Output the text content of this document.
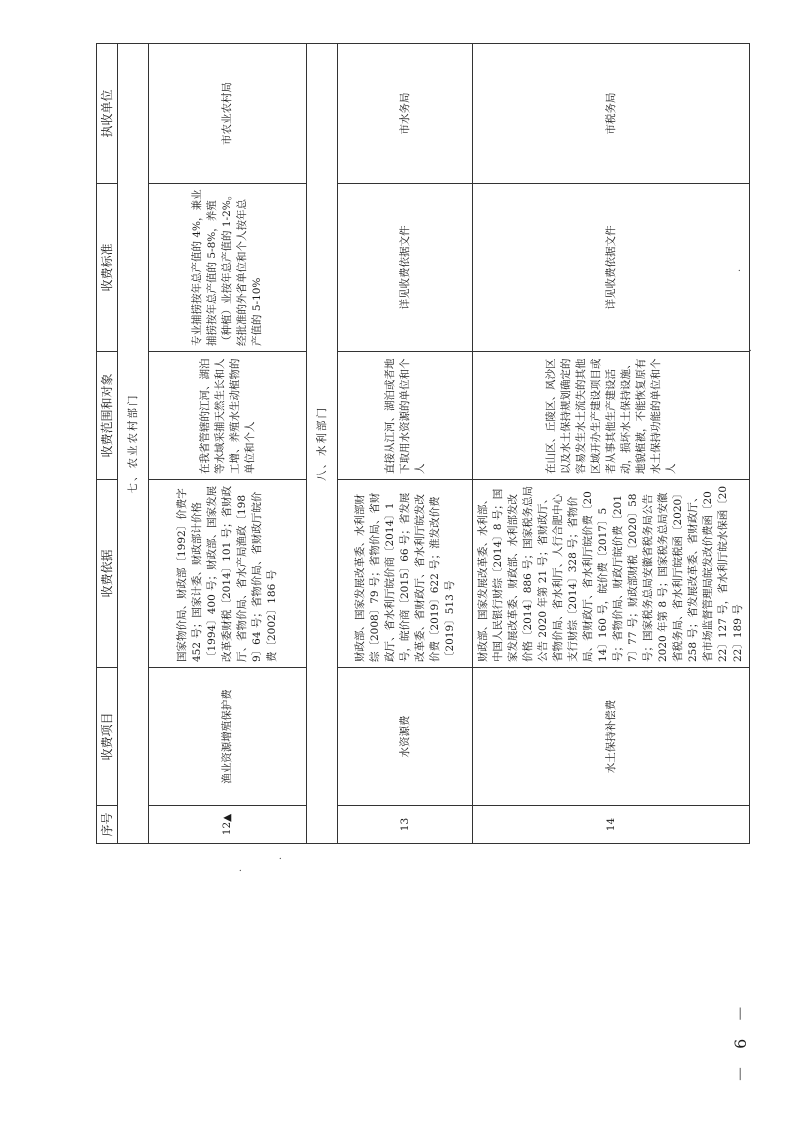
－ 6 －
序号	收费项目	收费依据	收费范围和对象	收费标准	执收单位
七、农业农村部门					
12▲	渔业资源增殖保护费	国家物价局、财政部〔1992〕价费字 452 号；国家计委、财政部计价格〔1994〕400 号；财政部、国家发展改革委财税〔2014〕101 号；省财政厅、省物价局、省水产局渔政〔1989〕64 号；省物价局、省财政厅皖价费〔2002〕186 号	在我省管辖的江河、湖泊等水域采捕天然生长和人工增、养殖水生动植物的单位和个人	专业捕捞按年总产值的 4%，兼业捕捞按年总产值的 5-8%，养殖（种植）业按年总产值的 1-2%。经批准的外省单位和个人按年总产值的 5-10%	市农业农村局
八、水利部门					
13	水资源费	财政部、国家发展改革委、水利部财综〔2008〕79 号；省物价局、省财政厅、省水利厅皖价商〔2014〕1 号，皖价商〔2015〕66 号；省发展改革委、省财政厅、省水利厅皖发改价费〔2019〕622 号；淮发改价费〔2019〕513 号	直接从江河、湖泊或者地下取用水资源的单位和个人	详见收费依据文件	市水务局
14	水土保持补偿费	财政部、国家发展改革委、水利部、中国人民银行财综〔2014〕8 号；国家发展改革委、财政部、水利部发改价格〔2014〕886 号；国家税务总局公告 2020 年第 21 号；省财政厅、省物价局、省水利厅、人行合肥中心支行财综〔2014〕328 号；省物价局、省财政厅、省水利厅皖价费〔2014〕160 号，皖价费〔2017〕5 号；省物价局、财政厅皖价费〔2017〕77 号；财政部财税〔2020〕58 号；国家税务总局安徽省税务局公告 2020 年第 8 号；国家税务总局安徽省税务局、省水利厅皖税函〔2020〕258 号；省发展改革委、省财政厅、省市场监督管理局皖发改价费函〔2022〕127 号，省水利厅皖水保函〔2022〕189 号	在山区、丘陵区、风沙区以及水土保持规划确定的容易发生水土流失的其他区域开办生产建设项目或者从事其他生产建设活动，损坏水土保持设施、地貌植被，不能恢复原有水土保持功能的单位和个人	详见收费依据文件	市税务局
·
·
·
·
